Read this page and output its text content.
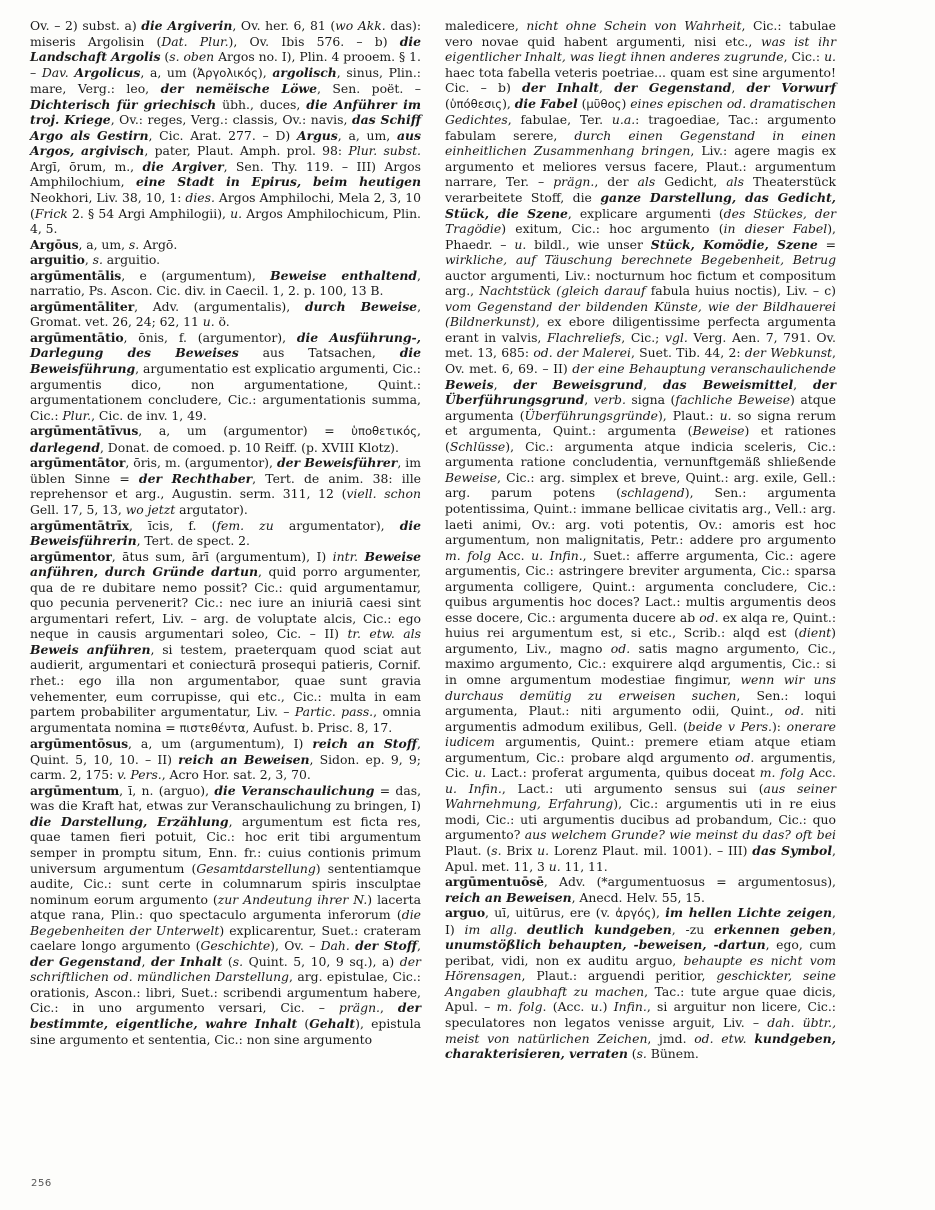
Ov. – 2) subst. a) die Argiverin, Ov. her. 6, 81 (wo Akk. das): miseris Argolisin (Dat. Plur.), Ov. Ibis 576. – b) die Landschaft Argolis (s. oben Argos no. I), Plin. 4 prooem. § 1. – Dav. Argolicus, a, um (Ἀργολικός), argolisch, sinus, Plin.: mare, Verg.: leo, der nemëische Löwe, Sen. poët. – Dichterisch für griechisch übh., duces, die Anführer im troj. Kriege, Ov.: reges, Verg.: classis, Ov.: navis, das Schiff Argo als Gestirn, Cic. Arat. 277. – D) Argus, a, um, aus Argos, argivisch, pater, Plaut. Amph. prol. 98: Plur. subst. Argī, ōrum, m., die Argiver, Sen. Thy. 119. – III) Argos Amphilochium, eine Stadt in Epirus, beim heutigen Neokhori, Liv. 38, 10, 1: dies. Argos Amphilochi, Mela 2, 3, 10 (Frick 2. § 54 Argi Amphilogii), u. Argos Amphilochicum, Plin. 4, 5.

Argōus, a, um, s. Argō.

arguitio, s. arguitio.

argūmentālis, e (argumentum), Beweise enthaltend, narratio, Ps. Ascon. Cic. div. in Caecil. 1, 2. p. 100, 13 B.

argūmentāliter, Adv. (argumentalis), durch Beweise, Gromat. vet. 26, 24; 62, 11 u. ö.

argūmentātio, ōnis, f. (argumentor), die Ausführung-, Darlegung des Beweises aus Tatsachen, die Beweisführung, argumentatio est explicatio argumenti, Cic.: argumentis dico, non argumentatione, Quint.: argumentationem concludere, Cic.: argumentationis summa, Cic.: Plur., Cic. de inv. 1, 49.

argūmentātīvus, a, um (argumentor) = ὑποθετικός, darlegend, Donat. de comoed. p. 10 Reiff. (p. XVIII Klotz).

argūmentātor, ōris, m. (argumentor), der Beweisführer, im üblen Sinne = der Rechthaber, Tert. de anim. 38: ille reprehensor et arg., Augustin. serm. 311, 12 (viell. schon Gell. 17, 5, 13, wo jetzt argutator).

argūmentātrīx, īcis, f. (fem. zu argumentator), die Beweisführerin, Tert. de spect. 2.

argūmentor, ātus sum, ārī (argumentum), I) intr. Beweise anführen, durch Gründe dartun, quid porro argumenter, qua de re dubitare nemo possit? Cic.: quid argumentamur, quo pecunia pervenerit? Cic.: nec iure an iniuriā caesi sint argumentari refert, Liv. – arg. de voluptate alcis, Cic.: ego neque in causis argumentari soleo, Cic. – II) tr. etw. als Beweis anführen, si testem, praeterquam quod sciat aut audierit, argumentari et coniecturā prosequi patieris, Cornif. rhet.: ego illa non argumentabor, quae sunt gravia vehementer, eum corrupisse, qui etc., Cic.: multa in eam partem probabiliter argumentatur, Liv. – Partic. pass., omnia argumentata nomina = πιστεθέντα, Aufust. b. Prisc. 8, 17.

argūmentōsus, a, um (argumentum), I) reich an Stoff, Quint. 5, 10, 10. – II) reich an Beweisen, Sidon. ep. 9, 9; carm. 2, 175: v. Pers., Acro Hor. sat. 2, 3, 70.

argūmentum, ī, n. (arguo), die Veranschaulichung = das, was die Kraft hat, etwas zur Veranschaulichung zu bringen, I) die Darstellung, Erzählung, argumentum est ficta res, quae tamen fieri potuit, Cic.: hoc erit tibi argumentum semper in promptu situm, Enn. fr.: cuius contionis primum universum argumentum (Gesamtdarstellung) sententiamque audite, Cic.: sunt certe in columnarum spiris insculptae nominum eorum argumento (zur Andeutung ihrer N.) lacerta atque rana, Plin.: quo spectaculo argumenta inferorum (die Begebenheiten der Unterwelt) explicarentur, Suet.: crateram caelare longo argumento (Geschichte), Ov. – Dah. der Stoff, der Gegenstand, der Inhalt (s. Quint. 5, 10, 9 sq.), a) der schriftlichen od. mündlichen Darstellung, arg. epistulae, Cic.: orationis, Ascon.: libri, Suet.: scribendi argumentum habere, Cic.: in uno argumento versari, Cic. – prägn., der bestimmte, eigentliche, wahre Inhalt (Gehalt), epistula sine argumento et sententia, Cic.: non sine argumento

maledicere, nicht ohne Schein von Wahrheit, Cic.: tabulae vero novae quid habent argumenti, nisi etc., was ist ihr eigentlicher Inhalt, was liegt ihnen anderes zugrunde, Cic.: u. haec tota fabella veteris poetriae... quam est sine argumento! Cic. – b) der Inhalt, der Gegenstand, der Vorwurf (ὑπόθεσις), die Fabel (μῦθος) eines epischen od. dramatischen Gedichtes, fabulae, Ter. u.a.: tragoediae, Tac.: argumento fabulam serere, durch einen Gegenstand in einen einheitlichen Zusammenhang bringen, Liv.: agere magis ex argumento et meliores versus facere, Plaut.: argumentum narrare, Ter. – prägn., der als Gedicht, als Theaterstück verarbeitete Stoff, die ganze Darstellung, das Gedicht, Stück, die Szene, explicare argumenti (des Stückes, der Tragödie) exitum, Cic.: hoc argumento (in dieser Fabel), Phaedr. – u. bildl., wie unser Stück, Komödie, Szene = wirkliche, auf Täuschung berechnete Begebenheit, Betrug auctor argumenti, Liv.: nocturnum hoc fictum et compositum arg., Nachtstück (gleich darauf fabula huius noctis), Liv. – c) vom Gegenstand der bildenden Künste, wie der Bildhauerei (Bildnerkunst), ex ebore diligentissime perfecta argumenta erant in valvis, Flachreliefs, Cic.; vgl. Verg. Aen. 7, 791. Ov. met. 13, 685: od. der Malerei, Suet. Tib. 44, 2: der Webkunst, Ov. met. 6, 69. – II) der eine Behauptung veranschaulichende Beweis, der Beweisgrund, das Beweismittel, der Überführungsgrund, verb. signa (fachliche Beweise) atque argumenta (Überführungsgründe), Plaut.: u. so signa rerum et argumenta, Quint.: argumenta (Beweise) et rationes (Schlüsse), Cic.: argumenta atque indicia sceleris, Cic.: argumenta ratione concludentia, vernunftgemäß shließende Beweise, Cic.: arg. simplex et breve, Quint.: arg. exile, Gell.: arg. parum potens (schlagend), Sen.: argumenta potentissima, Quint.: immane bellicae civitatis arg., Vell.: arg. laeti animi, Ov.: arg. voti potentis, Ov.: amoris est hoc argumentum, non malignitatis, Petr.: addere pro argumento m. folg Acc. u. Infin., Suet.: afferre argumenta, Cic.: agere argumentis, Cic.: astringere breviter argumenta, Cic.: sparsa argumenta colligere, Quint.: argumenta concludere, Cic.: quibus argumentis hoc doces? Lact.: multis argumentis deos esse docere, Cic.: argumenta ducere ab od. ex alqa re, Quint.: huius rei argumentum est, si etc., Scrib.: alqd est (dient) argumento, Liv., magno od. satis magno argumento, Cic., maximo argumento, Cic.: exquirere alqd argumentis, Cic.: si in omne argumentum modestiae fingimur, wenn wir uns durchaus demütig zu erweisen suchen, Sen.: loqui argumenta, Plaut.: niti argumento odii, Quint., od. niti argumentis admodum exilibus, Gell. (beide v Pers.): onerare iudicem argumentis, Quint.: premere etiam atque etiam argumentum, Cic.: probare alqd argumento od. argumentis, Cic. u. Lact.: proferat argumenta, quibus doceat m. folg Acc. u. Infin., Lact.: uti argumento sensus sui (aus seiner Wahrnehmung, Erfahrung), Cic.: argumentis uti in re eius modi, Cic.: uti argumentis ducibus ad probandum, Cic.: quo argumento? aus welchem Grunde? wie meinst du das? oft bei Plaut. (s. Brix u. Lorenz Plaut. mil. 1001). – III) das Symbol, Apul. met. 11, 3 u. 11, 11.

argūmentuōsē, Adv. (*argumentuosus = argumentosus), reich an Beweisen, Anecd. Helv. 55, 15.

arguo, uī, uitūrus, ere (v. ἀργός), im hellen Lichte zeigen, I) im allg. deutlich kundgeben, -zu erkennen geben, unumstößlich behaupten, -beweisen, -dartun, ego, cum peribat, vidi, non ex auditu arguo, behaupte es nicht vom Hörensagen, Plaut.: arguendi peritior, geschickter, seine Angaben glaubhaft zu machen, Tac.: tute argue quae dicis, Apul. – m. folg. (Acc. u.) Infin., si arguitur non licere, Cic.: speculatores non legatos venisse arguit, Liv. – dah. übtr., meist von natürlichen Zeichen, jmd. od. etw. kundgeben, charakterisieren, verraten (s. Bünem.

256
